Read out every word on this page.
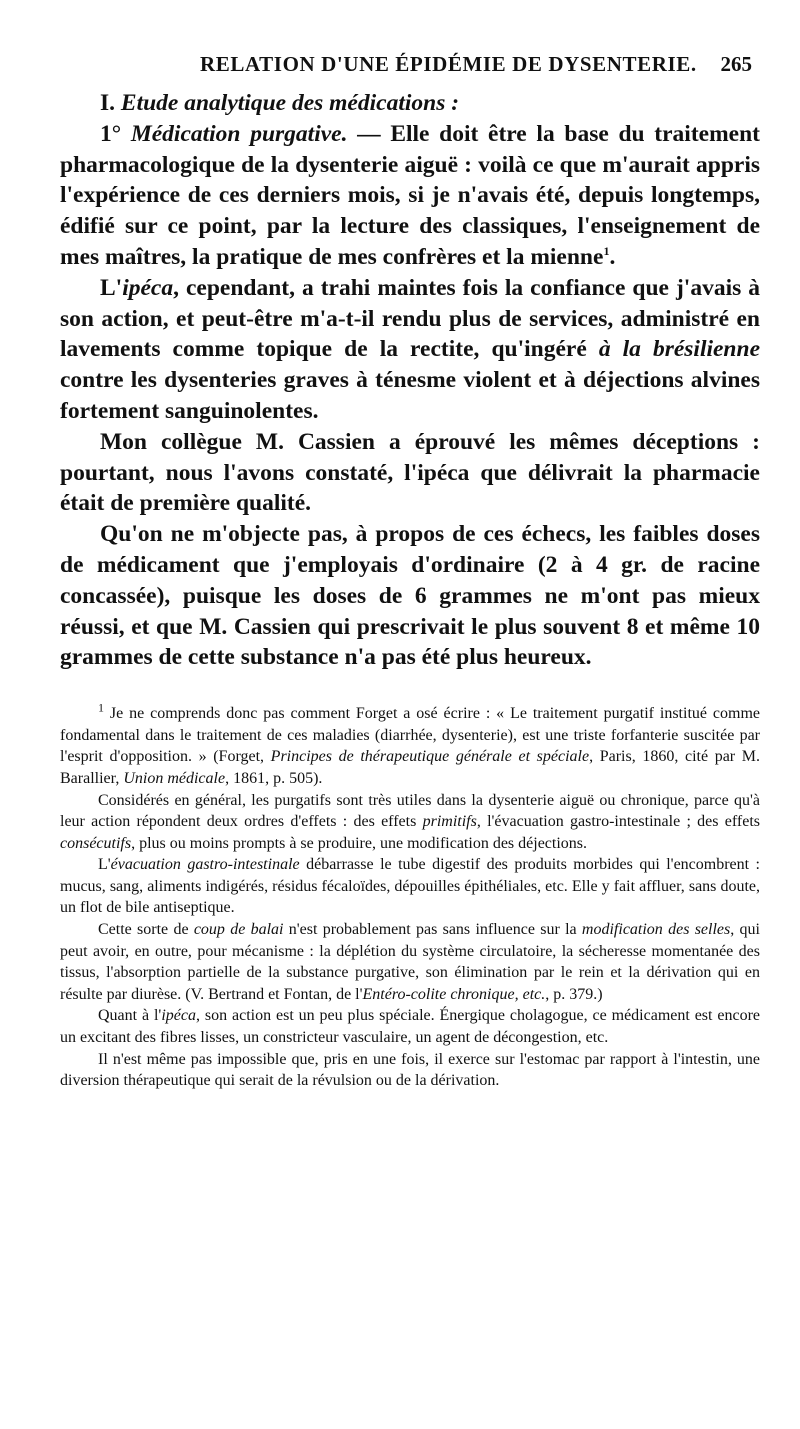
RELATION D'UNE ÉPIDÉMIE DE DYSENTERIE. 265

I. Etude analytique des médications :

1° Médication purgative. — Elle doit être la base du traitement pharmacologique de la dysenterie aiguë : voilà ce que m'aurait appris l'expérience de ces derniers mois, si je n'avais été, depuis longtemps, édifié sur ce point, par la lecture des classiques, l'enseignement de mes maîtres, la pratique de mes confrères et la mienne$^1$.

L'ipéca, cependant, a trahi maintes fois la confiance que j'avais à son action, et peut-être m'a-t-il rendu plus de services, administré en lavements comme topique de la rectite, qu'ingéré à la brésilienne contre les dysenteries graves à ténesme violent et à déjections alvines fortement sanguinolentes.

Mon collègue M. Cassien a éprouvé les mêmes déceptions : pourtant, nous l'avons constaté, l'ipéca que délivrait la pharmacie était de première qualité.

Qu'on ne m'objecte pas, à propos de ces échecs, les faibles doses de médicament que j'employais d'ordinaire (2 à 4 gr. de racine concassée), puisque les doses de 6 grammes ne m'ont pas mieux réussi, et que M. Cassien qui prescrivait le plus souvent 8 et même 10 grammes de cette substance n'a pas été plus heureux.

$^1$ Je ne comprends donc pas comment Forget a osé écrire : « Le traitement purgatif institué comme fondamental dans le traitement de ces maladies (diarrhée, dysenterie), est une triste forfanterie suscitée par l'esprit d'opposition. » (Forget, Principes de thérapeutique générale et spéciale, Paris, 1860, cité par M. Barallier, Union médicale, 1861, p. 505).

Considérés en général, les purgatifs sont très utiles dans la dysenterie aiguë ou chronique, parce qu'à leur action répondent deux ordres d'effets : des effets primitifs, l'évacuation gastro-intestinale ; des effets consécutifs, plus ou moins prompts à se produire, une modification des déjections.

L'évacuation gastro-intestinale débarrasse le tube digestif des produits morbides qui l'encombrent : mucus, sang, aliments indigérés, résidus fécaloïdes, dépouilles épithéliales, etc. Elle y fait affluer, sans doute, un flot de bile antiseptique.

Cette sorte de coup de balai n'est probablement pas sans influence sur la modification des selles, qui peut avoir, en outre, pour mécanisme : la déplétion du système circulatoire, la sécheresse momentanée des tissus, l'absorption partielle de la substance purgative, son élimination par le rein et la dérivation qui en résulte par diurèse. (V. Bertrand et Fontan, de l'Entéro-colite chronique, etc., p. 379.)

Quant à l'ipéca, son action est un peu plus spéciale. Énergique cholagogue, ce médicament est encore un excitant des fibres lisses, un constricteur vasculaire, un agent de décongestion, etc.

Il n'est même pas impossible que, pris en une fois, il exerce sur l'estomac par rapport à l'intestin, une diversion thérapeutique qui serait de la révulsion ou de la dérivation.
